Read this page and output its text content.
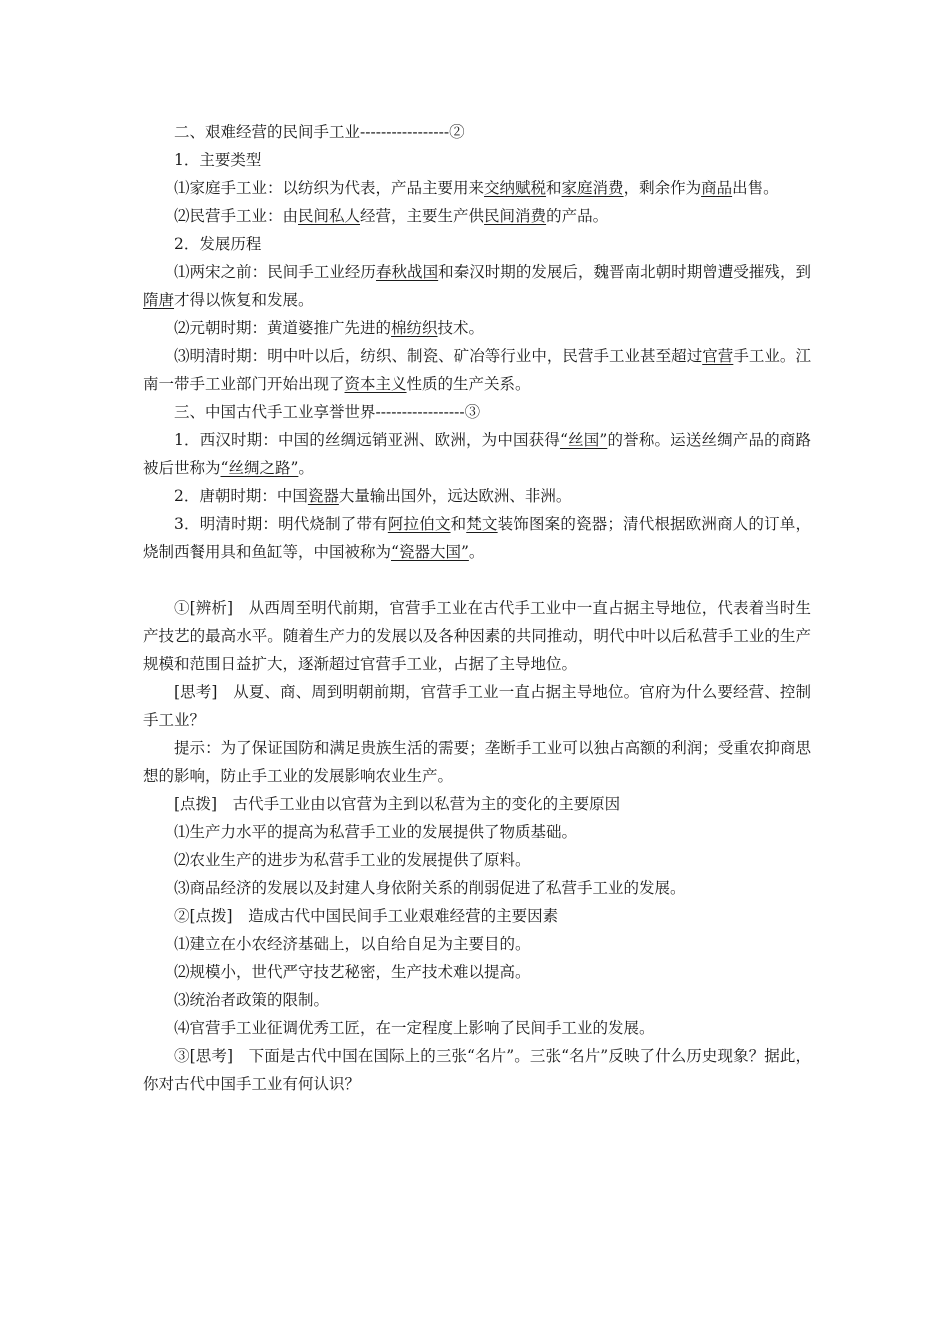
二、艰难经营的民间手工业-----------------②

1．主要类型

⑴家庭手工业：以纺织为代表，产品主要用来交纳赋税和家庭消费，剩余作为商品出售。

⑵民营手工业：由民间私人经营，主要生产供民间消费的产品。

2．发展历程

⑴两宋之前：民间手工业经历春秋战国和秦汉时期的发展后，魏晋南北朝时期曾遭受摧残，到隋唐才得以恢复和发展。

⑵元朝时期：黄道婆推广先进的棉纺织技术。

⑶明清时期：明中叶以后，纺织、制瓷、矿冶等行业中，民营手工业甚至超过官营手工业。江南一带手工业部门开始出现了资本主义性质的生产关系。

三、中国古代手工业享誉世界-----------------③

1．西汉时期：中国的丝绸远销亚洲、欧洲，为中国获得“丝国”的誉称。运送丝绸产品的商路被后世称为“丝绸之路”。

2．唐朝时期：中国瓷器大量输出国外，远达欧洲、非洲。

3．明清时期：明代烧制了带有阿拉伯文和梵文装饰图案的瓷器；清代根据欧洲商人的订单，烧制西餐用具和鱼缸等，中国被称为“瓷器大国”。

①[辨析]　从西周至明代前期，官营手工业在古代手工业中一直占据主导地位，代表着当时生产技艺的最高水平。随着生产力的发展以及各种因素的共同推动，明代中叶以后私营手工业的生产规模和范围日益扩大，逐渐超过官营手工业，占据了主导地位。

[思考]　从夏、商、周到明朝前期，官营手工业一直占据主导地位。官府为什么要经营、控制手工业？

提示：为了保证国防和满足贵族生活的需要；垄断手工业可以独占高额的利润；受重农抑商思想的影响，防止手工业的发展影响农业生产。

[点拨]　古代手工业由以官营为主到以私营为主的变化的主要原因

⑴生产力水平的提高为私营手工业的发展提供了物质基础。

⑵农业生产的进步为私营手工业的发展提供了原料。

⑶商品经济的发展以及封建人身依附关系的削弱促进了私营手工业的发展。

②[点拨]　造成古代中国民间手工业艰难经营的主要因素

⑴建立在小农经济基础上，以自给自足为主要目的。

⑵规模小，世代严守技艺秘密，生产技术难以提高。

⑶统治者政策的限制。

⑷官营手工业征调优秀工匠，在一定程度上影响了民间手工业的发展。

③[思考]　下面是古代中国在国际上的三张“名片”。三张“名片”反映了什么历史现象？据此，你对古代中国手工业有何认识？
